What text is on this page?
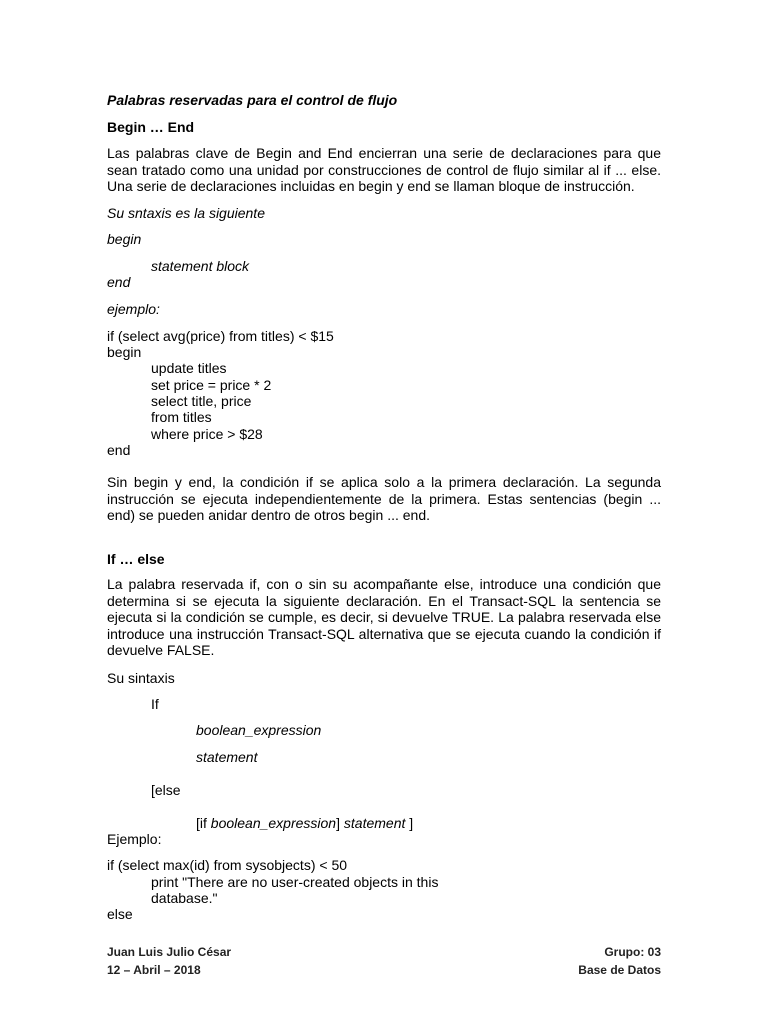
Palabras reservadas para el control de flujo
Begin … End
Las palabras clave de Begin and End encierran una serie de declaraciones para que sean tratado como una unidad por construcciones de control de flujo similar al if ... else. Una serie de declaraciones incluidas en begin y end se llaman bloque de instrucción.
Su sntaxis es la siguiente
begin
statement block
end
ejemplo:
if (select avg(price) from titles) < $15
begin
update titles
set price = price * 2
select title, price
from titles
where price > $28
end
Sin begin y end, la condición if se aplica solo a la primera declaración. La segunda instrucción se ejecuta independientemente de la primera. Estas sentencias (begin ... end) se pueden anidar dentro de otros begin ... end.
If … else
La palabra reservada if, con o sin su acompañante else, introduce una condición que determina si se ejecuta la siguiente declaración. En el Transact-SQL la sentencia se ejecuta si la condición se cumple, es decir, si devuelve TRUE. La palabra reservada else introduce una instrucción Transact-SQL alternativa que se ejecuta cuando la condición if devuelve FALSE.
Su sintaxis
If
boolean_expression
statement
[else
[if boolean_expression] statement ]
Ejemplo:
if (select max(id) from sysobjects) < 50
print "There are no user-created objects in this
database."
else
Juan Luis Julio César
12 – Abril – 2018
Grupo: 03
Base de Datos
